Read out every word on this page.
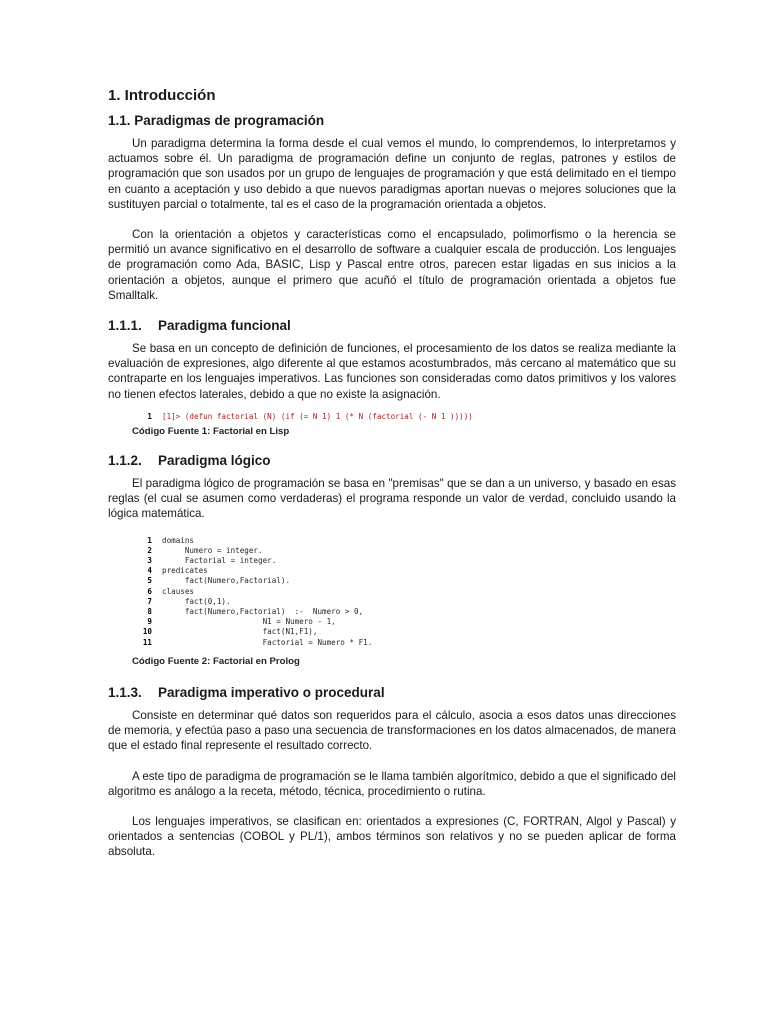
1. Introducción
1.1. Paradigmas de programación

Un paradigma determina la forma desde el cual vemos el mundo, lo comprendemos, lo interpretamos y actuamos sobre él. Un paradigma de programación define un conjunto de reglas, patrones y estilos de programación que son usados por un grupo de lenguajes de programación y que está delimitado en el tiempo en cuanto a aceptación y uso debido a que nuevos paradigmas aportan nuevas o mejores soluciones que la sustituyen parcial o totalmente, tal es el caso de la programación orientada a objetos.

Con la orientación a objetos y características como el encapsulado, polimorfismo o la herencia se permitió un avance significativo en el desarrollo de software a cualquier escala de producción. Los lenguajes de programación como Ada, BASIC, Lisp y Pascal entre otros, parecen estar ligadas en sus inicios a la orientación a objetos, aunque el primero que acuñó el título de programación orientada a objetos fue Smalltalk.

1.1.1.	Paradigma funcional

Se basa en un concepto de definición de funciones, el procesamiento de los datos se realiza mediante la evaluación de expresiones, algo diferente al que estamos acostumbrados, más cercano al matemático que su contraparte en los lenguajes imperativos. Las funciones son consideradas como datos primitivos y los valores no tienen efectos laterales, debido a que no existe la asignación.

1	[1]> (defun factorial (N) (if (= N 1) 1 (* N (factorial (- N 1 )))))
Código Fuente 1: Factorial en Lisp
1.1.2.	Paradigma lógico

El paradigma lógico de programación se basa en "premisas" que se dan a un universo, y basado en esas reglas (el cual se asumen como verdaderas) el programa responde un valor de verdad, concluido usando la lógica matemática.

1	domains
2	Numero = integer.
3	Factorial = integer.
4	predicates
5	fact(Numero,Factorial).
6	clauses
7	fact(0,1).
8	fact(Numero,Factorial)  :-  Numero > 0,
9	N1 = Numero - 1,
10	fact(N1,F1),
11	Factorial = Numero * F1.
Código Fuente 2: Factorial en Prolog
1.1.3.	Paradigma imperativo o procedural

Consiste en determinar qué datos son requeridos para el cálculo, asocia a esos datos unas direcciones de memoria, y efectúa paso a paso una secuencia de transformaciones en los datos almacenados, de manera que el estado final represente el resultado correcto.

A este tipo de paradigma de programación se le llama también algorítmico, debido a que el significado del algoritmo es análogo a la receta, método, técnica, procedimiento o rutina.

Los lenguajes imperativos, se clasifican en: orientados a expresiones (C, FORTRAN, Algol y Pascal) y orientados a sentencias (COBOL y PL/1), ambos términos son relativos y no se pueden aplicar de forma absoluta.
